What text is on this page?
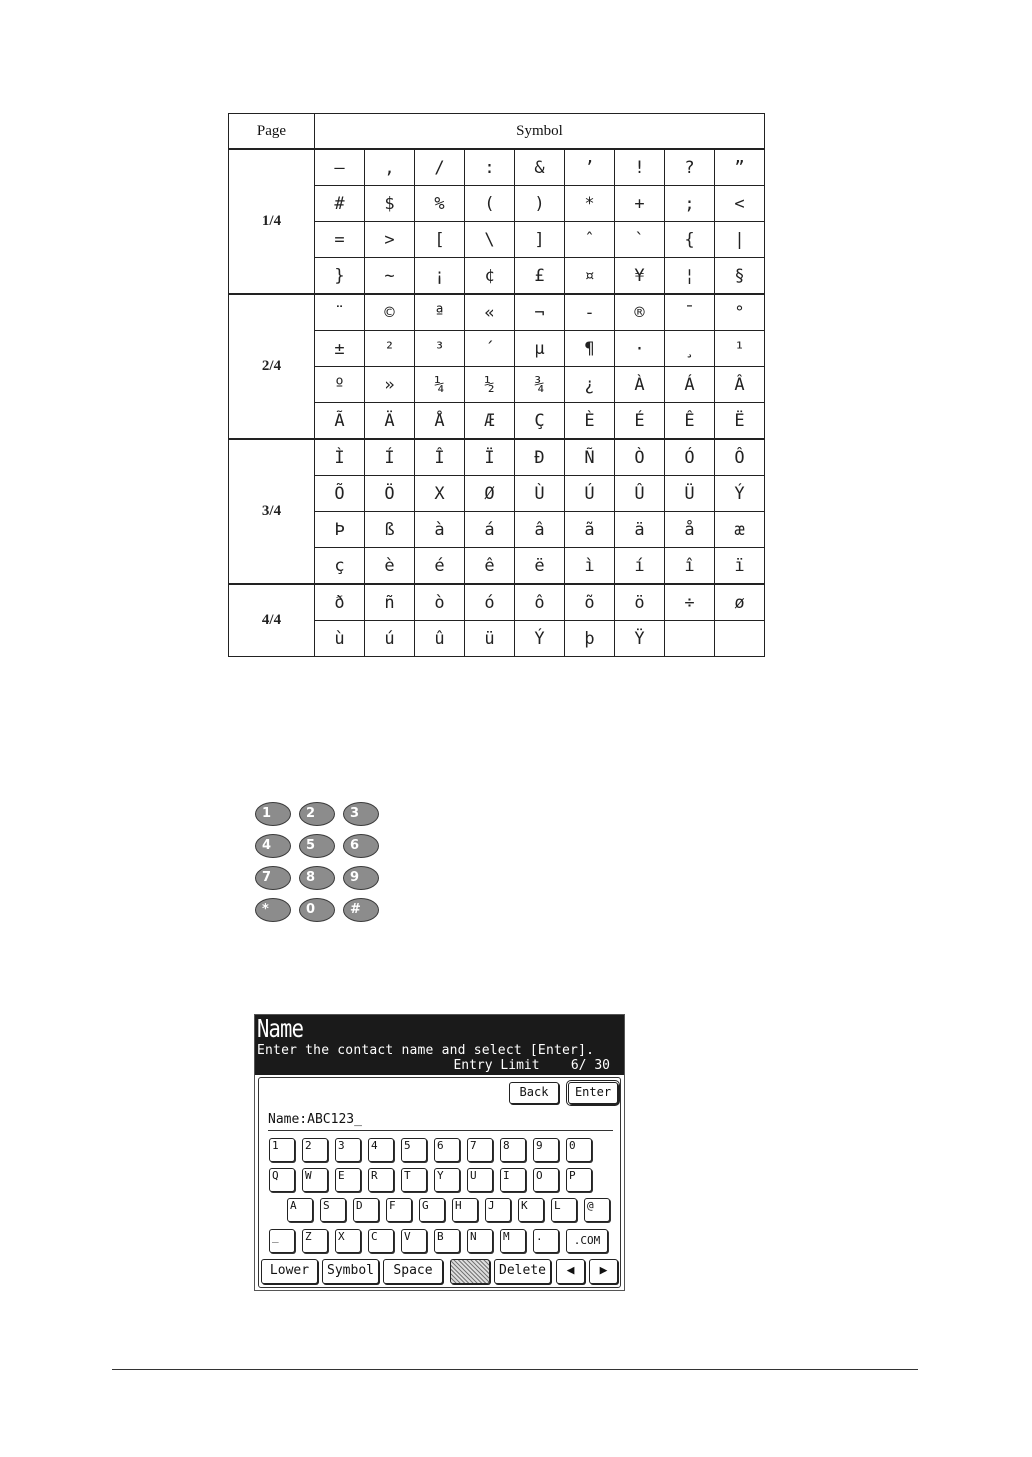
Page	Symbol								
1/4	—	,	/	:	&	’	!	?	”
	#	$	%	(	)	*	+	;	<
	=	>	[	\	]	ˆ	`	{	|
	}	~	¡	¢	£	¤	¥	¦	§
2/4	¨	©	ª	«	¬	-	®	¯	°
	±	²	³	´	µ	¶	·	¸	¹
	º	»	¼	½	¾	¿	À	Á	Â
	Ã	Ä	Å	Æ	Ç	È	É	Ê	Ë
3/4	Ì	Í	Î	Ï	Ð	Ñ	Ò	Ó	Ô
	Õ	Ö	X	Ø	Ù	Ú	Û	Ü	Ý
	Þ	ß	à	á	â	ã	ä	å	æ
	ç	è	é	ê	ë	ì	í	î	ï
4/4	ð	ñ	ò	ó	ô	õ	ö	÷	ø
	ù	ú	û	ü	Ý	þ	Ÿ		
1	2	3
4	5	6
7	8	9
*	0	#
Name
Enter the contact name and select [Enter].
Entry Limit    6/ 30
Back	Enter
Name:ABC123_
1	2	3	4	5	6	7	8	9	0
Q	W	E	R	T	Y	U	I	O	P
A	S	D	F	G	H	J	K	L	@
_	Z	X	C	V	B	N	M	.	.COM
Lower	Symbol	Space	Delete	◀	▶
